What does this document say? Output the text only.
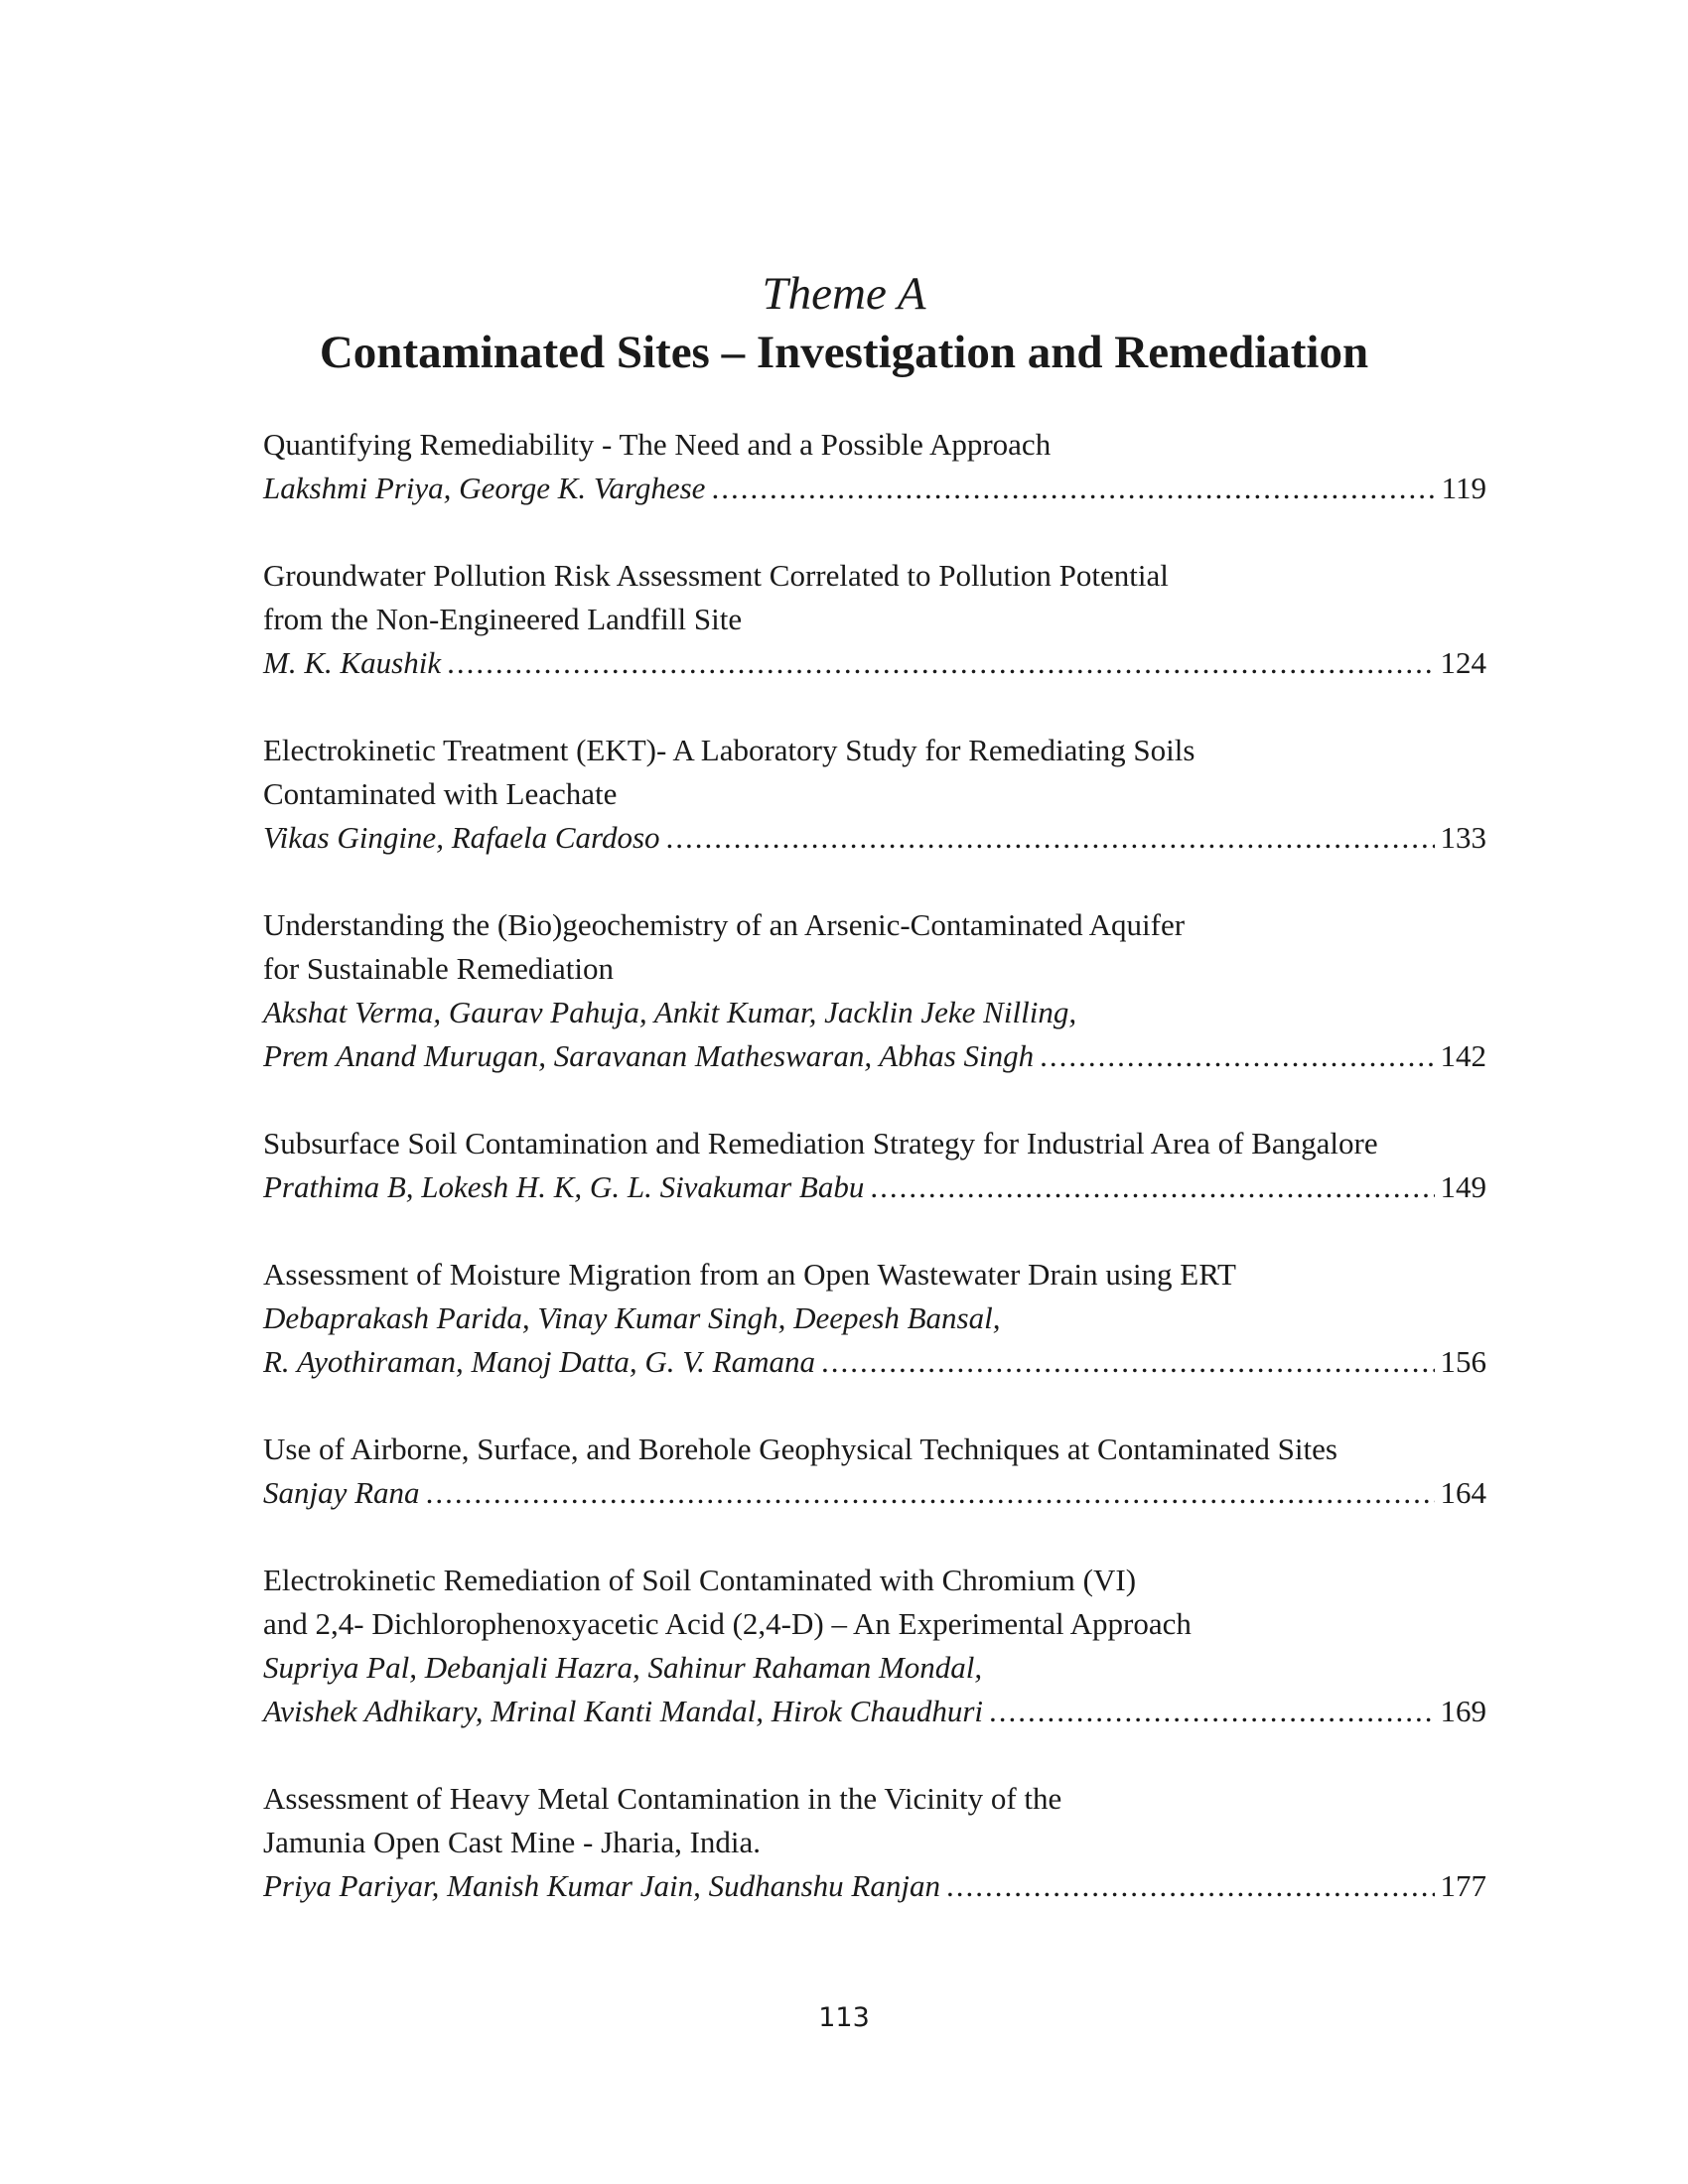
Theme A
Contaminated Sites – Investigation and Remediation
Quantifying Remediability - The Need and a Possible Approach
Lakshmi Priya, George K. Varghese .....	119
Groundwater Pollution Risk Assessment Correlated to Pollution Potential
from the Non-Engineered Landfill Site
M. K. Kaushik .....	124
Electrokinetic Treatment (EKT)- A Laboratory Study for Remediating Soils
Contaminated with Leachate
Vikas Gingine, Rafaela Cardoso .....	133
Understanding the (Bio)geochemistry of an Arsenic-Contaminated Aquifer
for Sustainable Remediation
Akshat Verma, Gaurav Pahuja, Ankit Kumar, Jacklin Jeke Nilling,
Prem Anand Murugan, Saravanan Matheswaran, Abhas Singh .....	142
Subsurface Soil Contamination and Remediation Strategy for Industrial Area of Bangalore
Prathima B, Lokesh H. K, G. L. Sivakumar Babu .....	149
Assessment of Moisture Migration from an Open Wastewater Drain using ERT
Debaprakash Parida, Vinay Kumar Singh, Deepesh Bansal,
R. Ayothiraman, Manoj Datta, G. V. Ramana .....	156
Use of Airborne, Surface, and Borehole Geophysical Techniques at Contaminated Sites
Sanjay Rana .....	164
Electrokinetic Remediation of Soil Contaminated with Chromium (VI)
and 2,4- Dichlorophenoxyacetic Acid (2,4-D) – An Experimental Approach
Supriya Pal, Debanjali Hazra, Sahinur Rahaman Mondal,
Avishek Adhikary, Mrinal Kanti Mandal, Hirok Chaudhuri .....	169
Assessment of Heavy Metal Contamination in the Vicinity of the
Jamunia Open Cast Mine - Jharia, India.
Priya Pariyar, Manish Kumar Jain, Sudhanshu Ranjan .....	177
113
